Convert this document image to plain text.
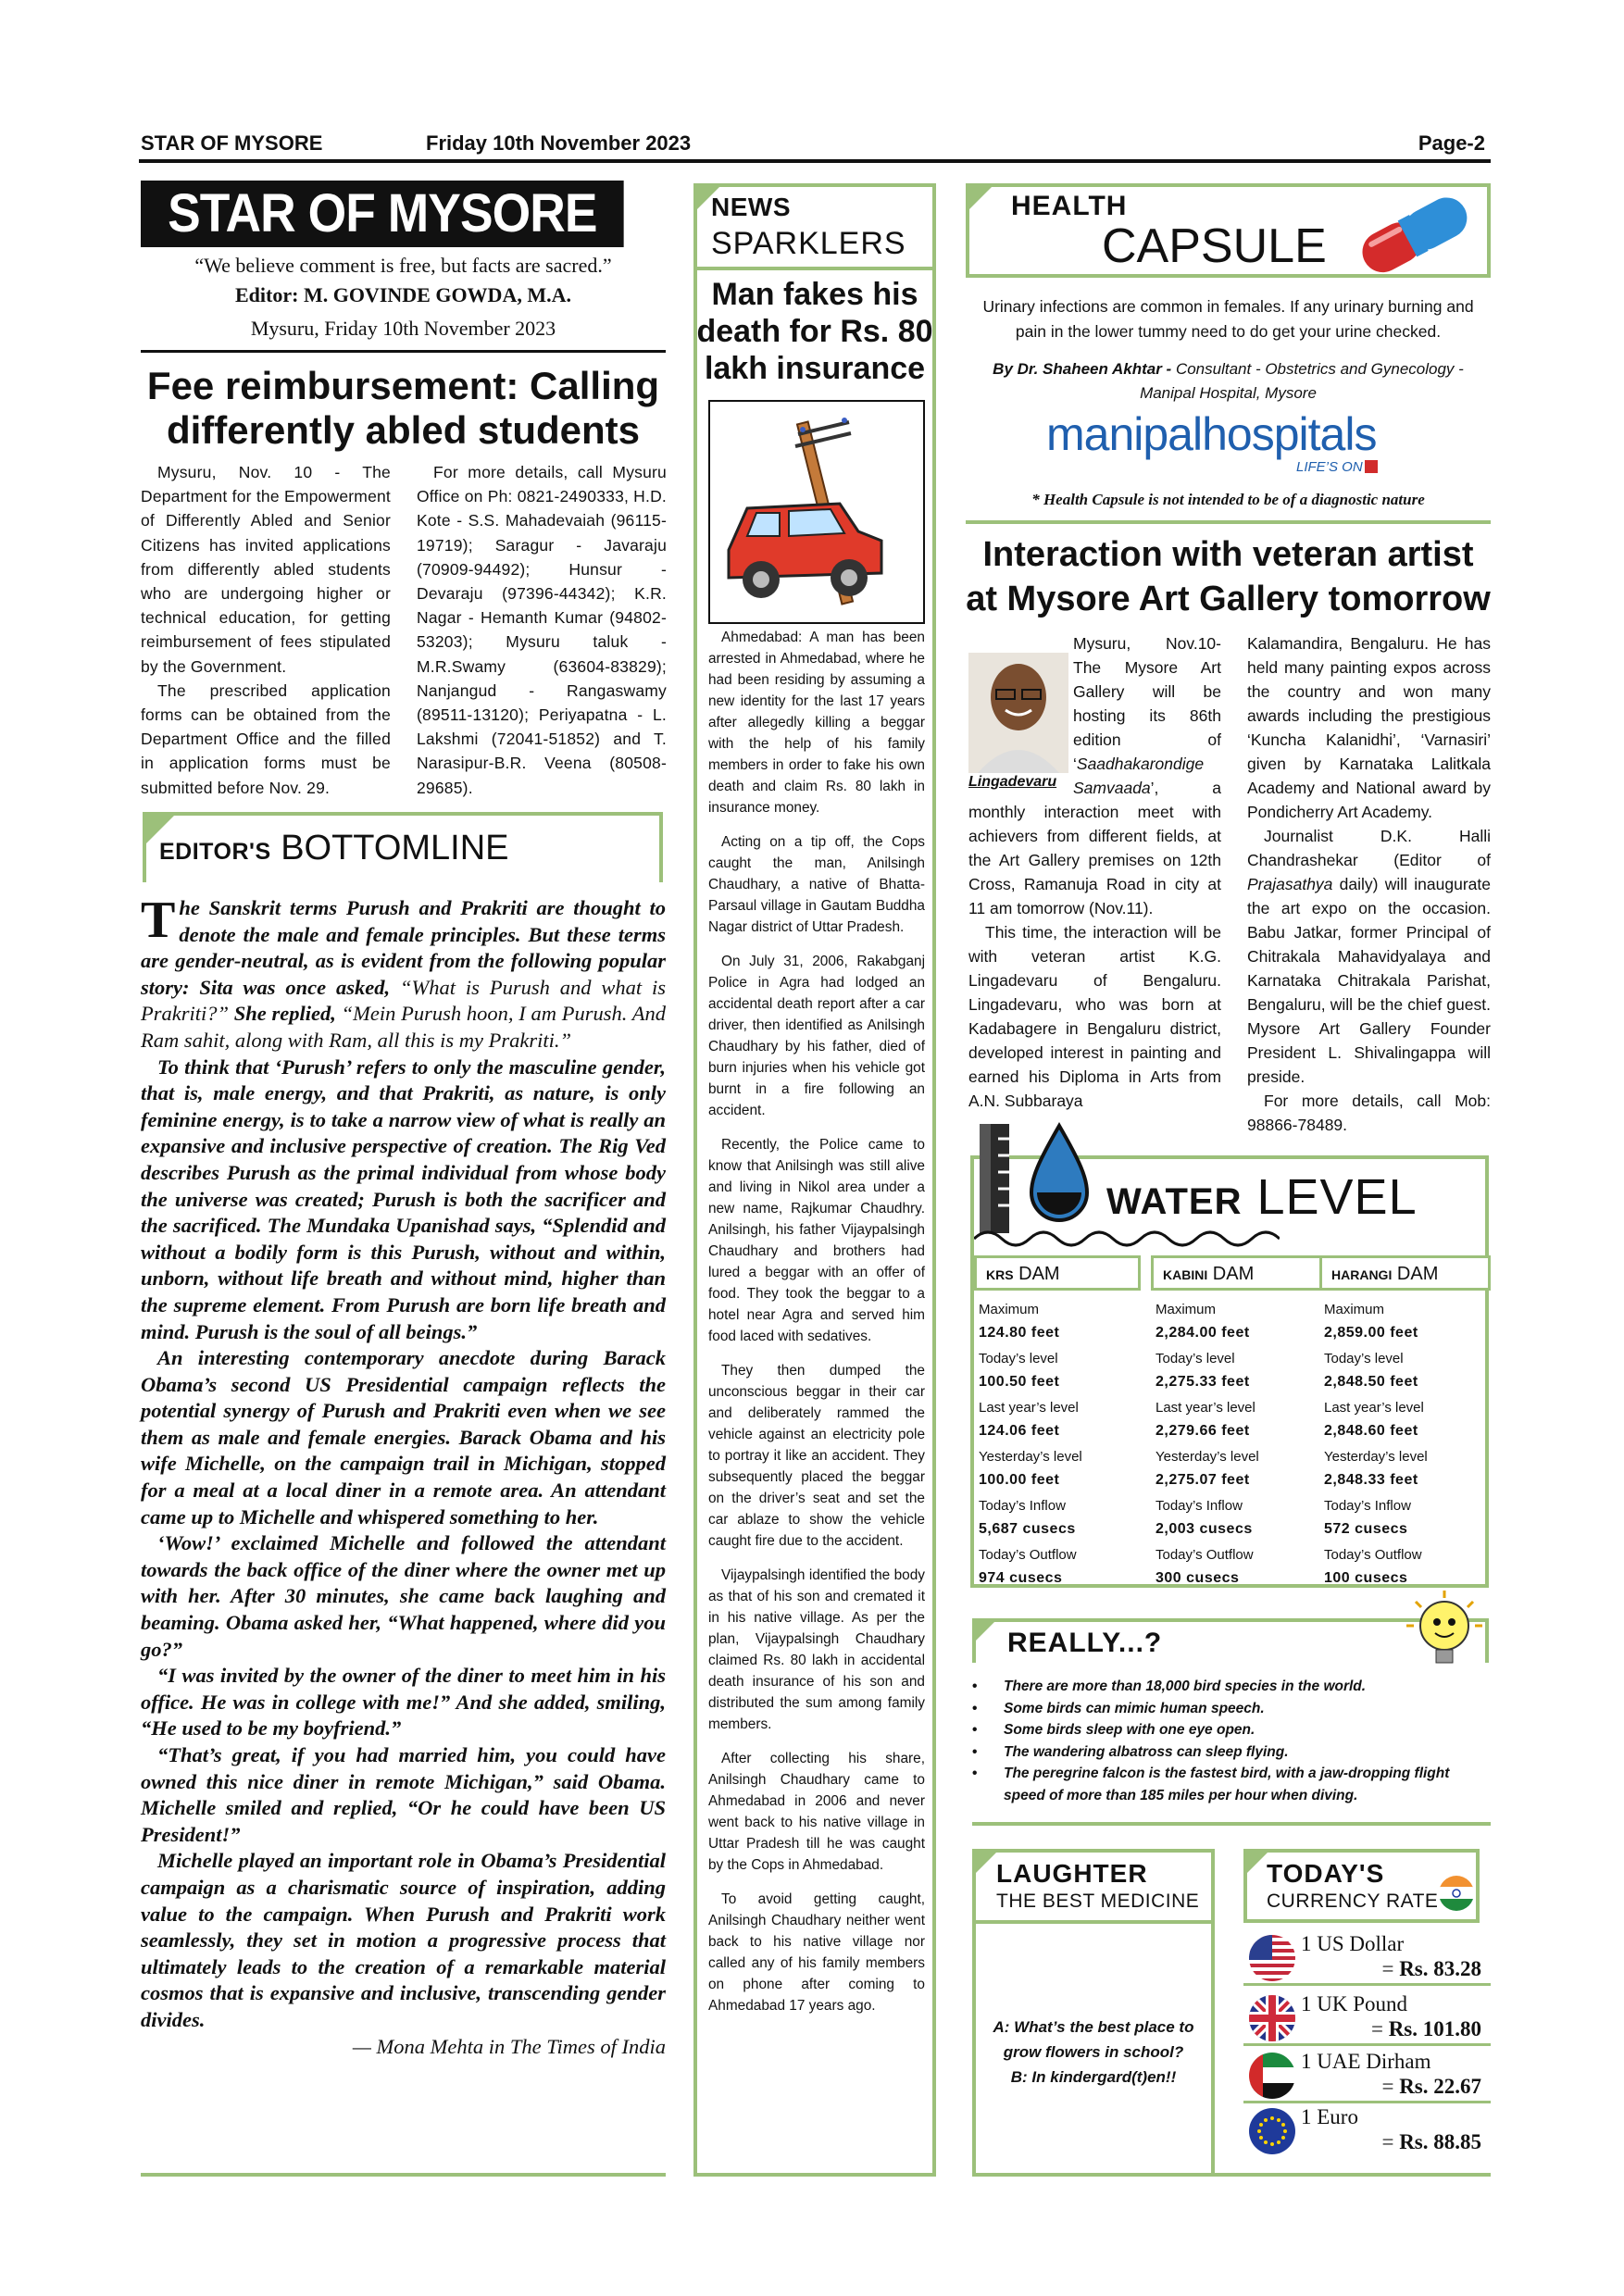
STAR OF MYSORE	Friday 10th November 2023	Page-2
STAR OF MYSORE
“We believe comment is free, but facts are sacred.”
Editor: M. GOVINDE GOWDA, M.A.
Mysuru, Friday 10th November 2023
Fee reimbursement: Calling differently abled students

Mysuru, Nov. 10 - The Department for the Empowerment of Differently Abled and Senior Citizens has invited applications from differently abled students who are undergoing higher or technical education, for getting reimbursement of fees stipulated by the Government.

The prescribed application forms can be obtained from the Department Office and the filled in application forms must be submitted before Nov. 29.

For more details, call Mysuru Office on Ph: 0821-2490333, H.D. Kote - S.S. Mahadevaiah (96115-19719); Saragur - Javaraju (70909-94492); Hunsur - Devaraju (97396-44342); K.R. Nagar - Hemanth Kumar (94802-53203); Mysuru taluk - M.R.Swamy (63604-83829); Nanjangud - Rangaswamy (89511-13120); Periyapatna - L. Lakshmi (72041-51852) and T. Narasipur-B.R. Veena (80508-29685).

EDITOR'S BOTTOMLINE

The Sanskrit terms Purush and Prakriti are thought to denote the male and female principles. But these terms are gender-neutral, as is evident from the following popular story: Sita was once asked, “What is Purush and what is Prakriti?” She replied, “Mein Purush hoon, I am Purush. And Ram sahit, along with Ram, all this is my Prakriti.”

To think that ‘Purush’ refers to only the masculine gender, that is, male energy, and that Prakriti, as nature, is only feminine energy, is to take a narrow view of what is really an expansive and inclusive perspective of creation. The Rig Ved describes Purush as the primal individual from whose body the universe was created; Purush is both the sacrificer and the sacrificed. The Mundaka Upanishad says, “Splendid and without a bodily form is this Purush, without and within, unborn, without life breath and without mind, higher than the supreme element. From Purush are born life breath and mind. Purush is the soul of all beings.”

An interesting contemporary anecdote during Barack Obama’s second US Presidential campaign reflects the potential synergy of Purush and Prakriti even when we see them as male and female energies. Barack Obama and his wife Michelle, on the campaign trail in Michigan, stopped for a meal at a local diner in a remote area. An attendant came up to Michelle and whispered something to her.

‘Wow!’ exclaimed Michelle and followed the attendant towards the back office of the diner where the owner met up with her. After 30 minutes, she came back laughing and beaming. Obama asked her, “What happened, where did you go?”

“I was invited by the owner of the diner to meet him in his office. He was in college with me!” And she added, smiling, “He used to be my boyfriend.”

“That’s great, if you had married him, you could have owned this nice diner in remote Michigan,” said Obama. Michelle smiled and replied, “Or he could have been US President!”

Michelle played an important role in Obama’s Presidential campaign as a charismatic source of inspiration, adding value to the campaign. When Purush and Prakriti work seamlessly, they set in motion a progressive process that ultimately leads to the creation of a remarkable material cosmos that is expansive and inclusive, transcending gender divides.

— Mona Mehta in The Times of India

NEWS
SPARKLERS
Man fakes his death for Rs. 80 lakh insurance

Ahmedabad: A man has been arrested in Ahmedabad, where he had been residing by assuming a new identity for the last 17 years after allegedly killing a beggar with the help of his family members in order to fake his own death and claim Rs. 80 lakh in insurance money.

Acting on a tip off, the Cops caught the man, Anilsingh Chaudhary, a native of Bhatta-Parsaul village in Gautam Buddha Nagar district of Uttar Pradesh.

On July 31, 2006, Rakabganj Police in Agra had lodged an accidental death report after a car driver, then identified as Anilsingh Chaudhary by his father, died of burn injuries when his vehicle got burnt in a fire following an accident.

Recently, the Police came to know that Anilsingh was still alive and living in Nikol area under a new name, Rajkumar Chaudhry. Anilsingh, his father Vijaypalsingh Chaudhary and brothers had lured a beggar with an offer of food. They took the beggar to a hotel near Agra and served him food laced with sedatives.

They then dumped the unconscious beggar in their car and deliberately rammed the vehicle against an electricity pole to portray it like an accident. They subsequently placed the beggar on the driver’s seat and set the car ablaze to show the vehicle caught fire due to the accident.

Vijaypalsingh identified the body as that of his son and cremated it in his native village. As per the plan, Vijaypalsingh Chaudhary claimed Rs. 80 lakh in accidental death insurance of his son and distributed the sum among family members.

After collecting his share, Anilsingh Chaudhary came to Ahmedabad in 2006 and never went back to his native village in Uttar Pradesh till he was caught by the Cops in Ahmedabad.

To avoid getting caught, Anilsingh Chaudhary neither went back to his native village nor called any of his family members on phone after coming to Ahmedabad 17 years ago.

HEALTH
CAPSULE
Urinary infections are common in females. If any urinary burning and pain in the lower tummy need to do get your urine checked.
By Dr. Shaheen Akhtar - Consultant - Obstetrics and Gynecology - Manipal Hospital, Mysore
manipalhospitals
LIFE’S ON
* Health Capsule is not intended to be of a diagnostic nature
Interaction with veteran artist at Mysore Art Gallery tomorrow

Mysuru, Nov.10- The Mysore Art Gallery will be hosting its 86th edition of ‘Saadhakarondige Samvaada’, a monthly interaction meet with achievers from different fields, at the Art Gallery premises on 12th Cross, Ramanuja Road in city at 11 am tomorrow (Nov.11).

This time, the interaction will be with veteran artist K.G. Lingadevaru of Bengaluru. Lingadevaru, who was born at Kadabagere in Bengaluru district, developed interest in painting and earned his Diploma in Arts from A.N. Subbaraya

Lingadevaru

Kalamandira, Bengaluru. He has held many painting expos across the country and won many awards including the prestigious ‘Kuncha Kalanidhi’, ‘Varnasiri’ given by Karnataka Lalitkala Academy and National award by Pondicherry Art Academy.

Journalist D.K. Halli Chandrashekar (Editor of Prajasathya daily) will inaugurate the art expo on the occasion. Babu Jatkar, former Principal of Chitrakala Mahavidyalaya and Karnataka Chitrakala Parishat, Bengaluru, will be the chief guest. Mysore Art Gallery Founder President L. Shivalingappa will preside.

For more details, call Mob: 98866-78489.

WATER LEVEL
KRS DAM
Maximum
124.80 feet
Today’s level
100.50 feet
Last year’s level
124.06 feet
Yesterday’s level
100.00 feet
Today’s Inflow
5,687 cusecs
Today’s Outflow
974 cusecs
KABINI DAM
Maximum
2,284.00 feet
Today’s level
2,275.33 feet
Last year’s level
2,279.66 feet
Yesterday’s level
2,275.07 feet
Today’s Inflow
2,003 cusecs
Today’s Outflow
300 cusecs
HARANGI DAM
Maximum
2,859.00 feet
Today’s level
2,848.50 feet
Last year’s level
2,848.60 feet
Yesterday’s level
2,848.33 feet
Today’s Inflow
572 cusecs
Today’s Outflow
100 cusecs
REALLY...?
• There are more than 18,000 bird species in the world.
• Some birds can mimic human speech.
• Some birds sleep with one eye open.
• The wandering albatross can sleep flying.
• The peregrine falcon is the fastest bird, with a jaw-dropping flight speed of more than 185 miles per hour when diving.
LAUGHTER
THE BEST MEDICINE

A: What’s the best place to grow flowers in school?

B: In kindergard(t)en!!

TODAY'S
CURRENCY RATE
1 US Dollar
= Rs. 83.28
1 UK Pound
= Rs. 101.80
1 UAE Dirham
= Rs. 22.67
1 Euro
= Rs. 88.85
